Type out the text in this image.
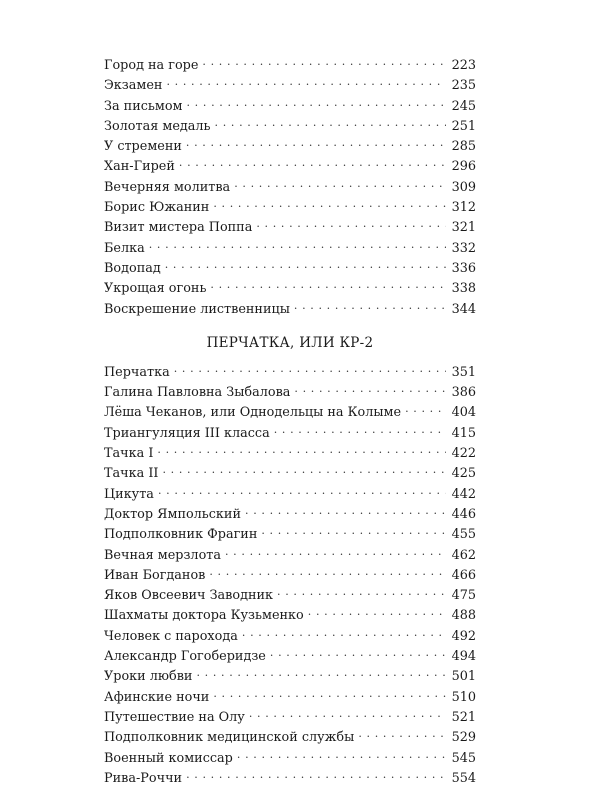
Город на горе . . .	223
Экзамен . . .	235
За письмом . . .	245
Золотая медаль . . .	251
У стремени . . .	285
Хан-Гирей . . .	296
Вечерняя молитва . . .	309
Борис Южанин . . .	312
Визит мистера Поппа . . .	321
Белка . . .	332
Водопад . . .	336
Укрощая огонь . . .	338
Воскрешение лиственницы . . .	344
ПЕРЧАТКА, ИЛИ КР-2
Перчатка . . .	351
Галина Павловна Зыбалова . . .	386
Лёша Чеканов, или Однодельцы на Колыме . . .	404
Триангуляция III класса . . .	415
Тачка I . . .	422
Тачка II . . .	425
Цикута . . .	442
Доктор Ямпольский . . .	446
Подполковник Фрагин . . .	455
Вечная мерзлота . . .	462
Иван Богданов . . .	466
Яков Овсеевич Заводник . . .	475
Шахматы доктора Кузьменко . . .	488
Человек с парохода . . .	492
Александр Гогоберидзе . . .	494
Уроки любви . . .	501
Афинские ночи . . .	510
Путешествие на Олу . . .	521
Подполковник медицинской службы . . .	529
Военный комиссар . . .	545
Рива-Роччи . . .	554
